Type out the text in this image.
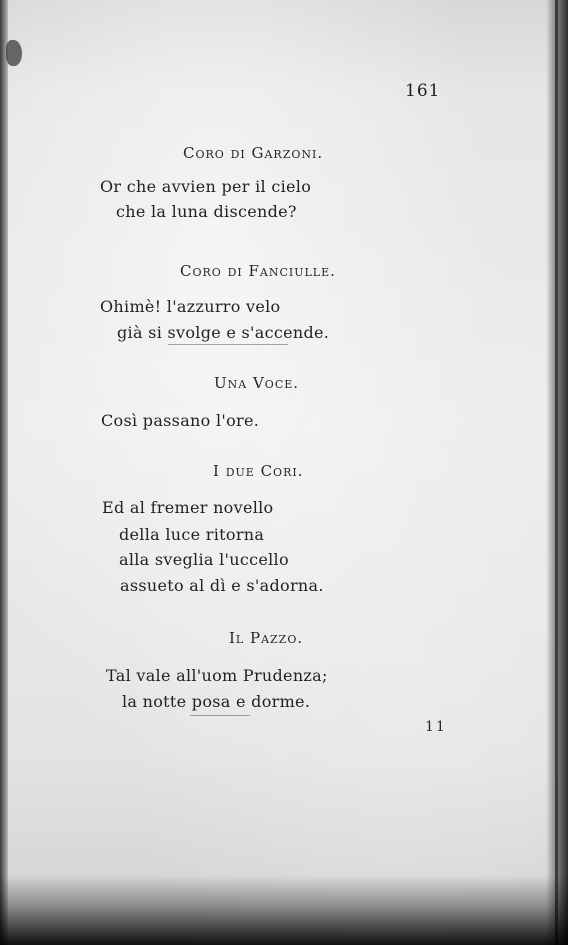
161
Coro di Garzoni.
Or che avvien per il cielo
che la luna discende?
Coro di Fanciulle.
Ohimè! l'azzurro velo
già si svolge e s'accende.
Una Voce.
Così passano l'ore.
I due Cori.
Ed al fremer novello
della luce ritorna
alla sveglia l'uccello
assueto al dì e s'adorna.
Il Pazzo.
Tal vale all'uom Prudenza;
la notte posa e dorme.
11
